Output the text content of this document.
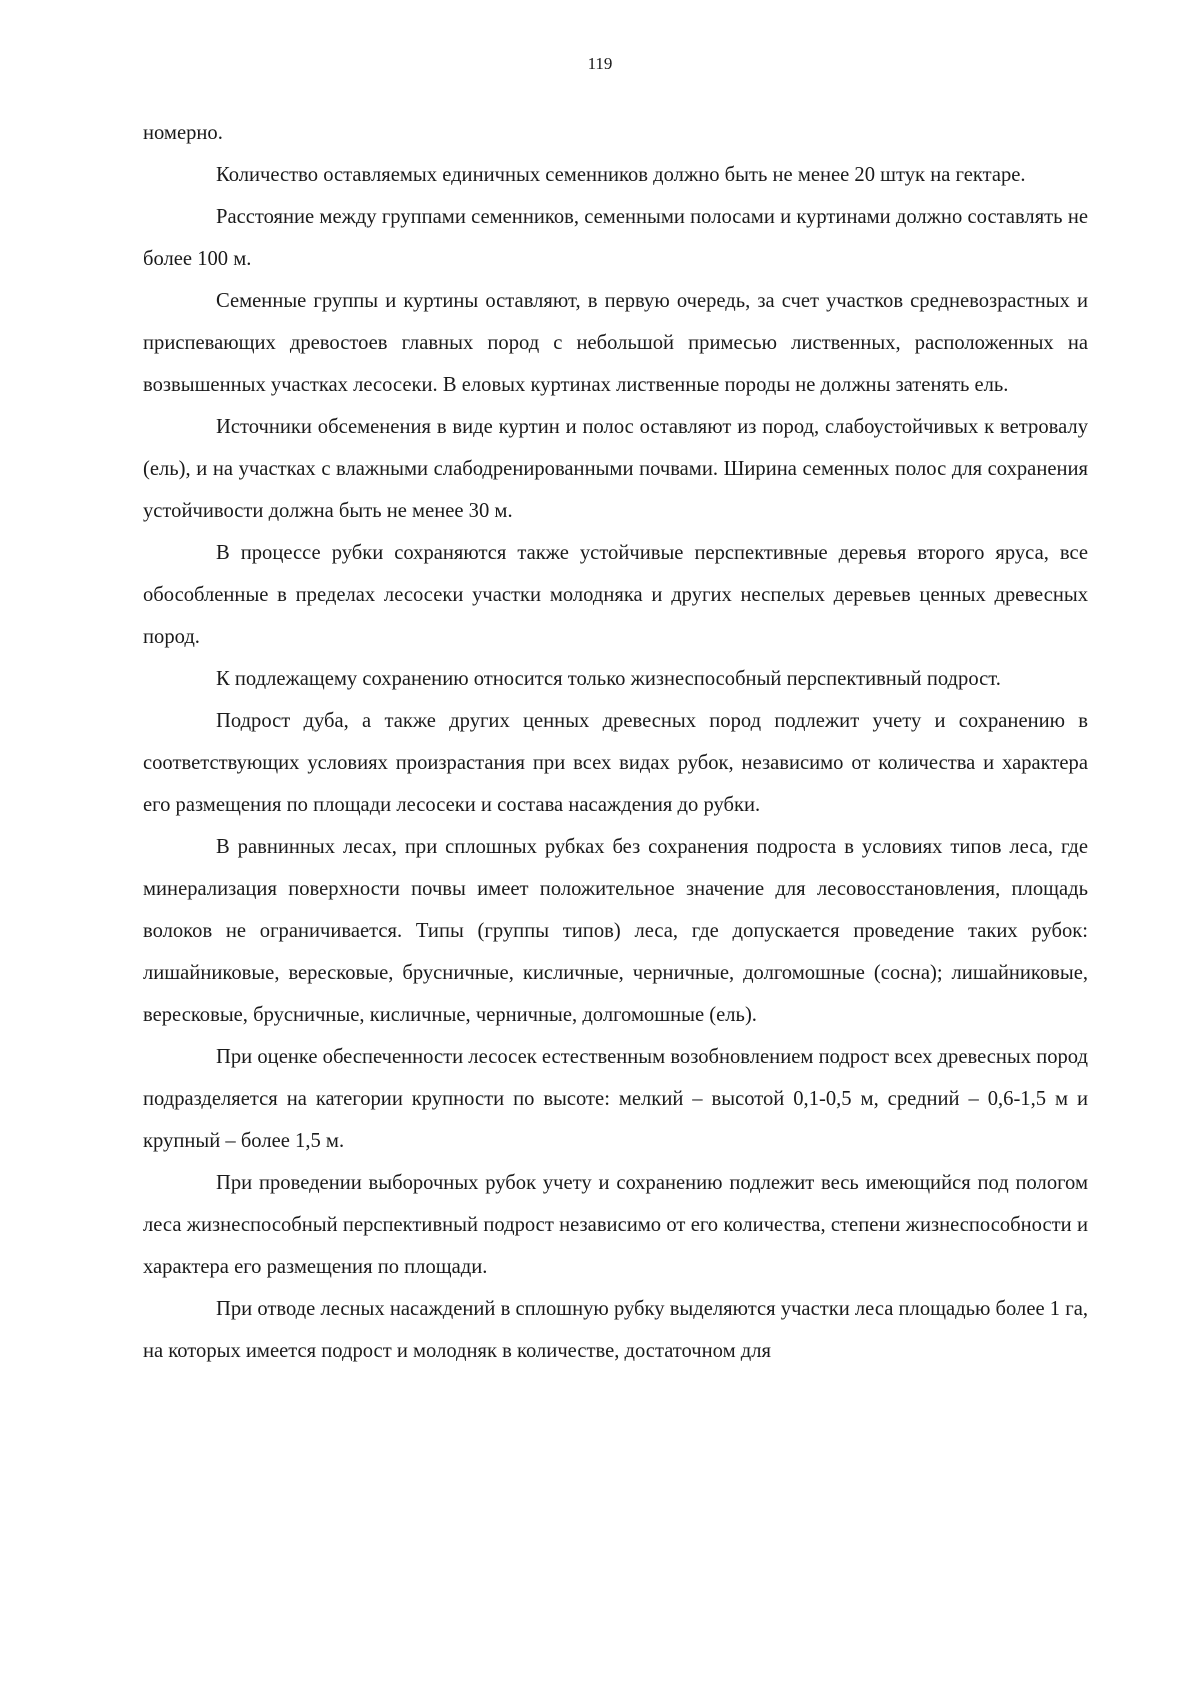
119

номерно.

Количество оставляемых единичных семенников должно быть не менее 20 штук на гектаре.

Расстояние между группами семенников, семенными полосами и куртинами должно составлять не более 100 м.

Семенные группы и куртины оставляют, в первую очередь, за счет участков средневозрастных и приспевающих древостоев главных пород с небольшой примесью лиственных, расположенных на возвышенных участках лесосеки. В еловых куртинах лиственные породы не должны затенять ель.

Источники обсеменения в виде куртин и полос оставляют из пород, слабоустойчивых к ветровалу (ель), и на участках с влажными слабодренированными почвами. Ширина семенных полос для сохранения устойчивости должна быть не менее 30 м.

В процессе рубки сохраняются также устойчивые перспективные деревья второго яруса, все обособленные в пределах лесосеки участки молодняка и других неспелых деревьев ценных древесных пород.

К подлежащему сохранению относится только жизнеспособный перспективный подрост.

Подрост дуба, а также других ценных древесных пород подлежит учету и сохранению в соответствующих условиях произрастания при всех видах рубок, независимо от количества и характера его размещения по площади лесосеки и состава насаждения до рубки.

В равнинных лесах, при сплошных рубках без сохранения подроста в условиях типов леса, где минерализация поверхности почвы имеет положительное значение для лесовосстановления, площадь волоков не ограничивается. Типы (группы типов) леса, где допускается проведение таких рубок: лишайниковые, вересковые, брусничные, кисличные, черничные, долгомошные (сосна); лишайниковые, вересковые, брусничные, кисличные, черничные, долгомошные (ель).

При оценке обеспеченности лесосек естественным возобновлением подрост всех древесных пород подразделяется на категории крупности по высоте: мелкий – высотой 0,1-0,5 м, средний – 0,6-1,5 м и крупный – более 1,5 м.

При проведении выборочных рубок учету и сохранению подлежит весь имеющийся под пологом леса жизнеспособный перспективный подрост независимо от его количества, степени жизнеспособности и характера его размещения по площади.

При отводе лесных насаждений в сплошную рубку выделяются участки леса площадью более 1 га, на которых имеется подрост и молодняк в количестве, достаточном для
